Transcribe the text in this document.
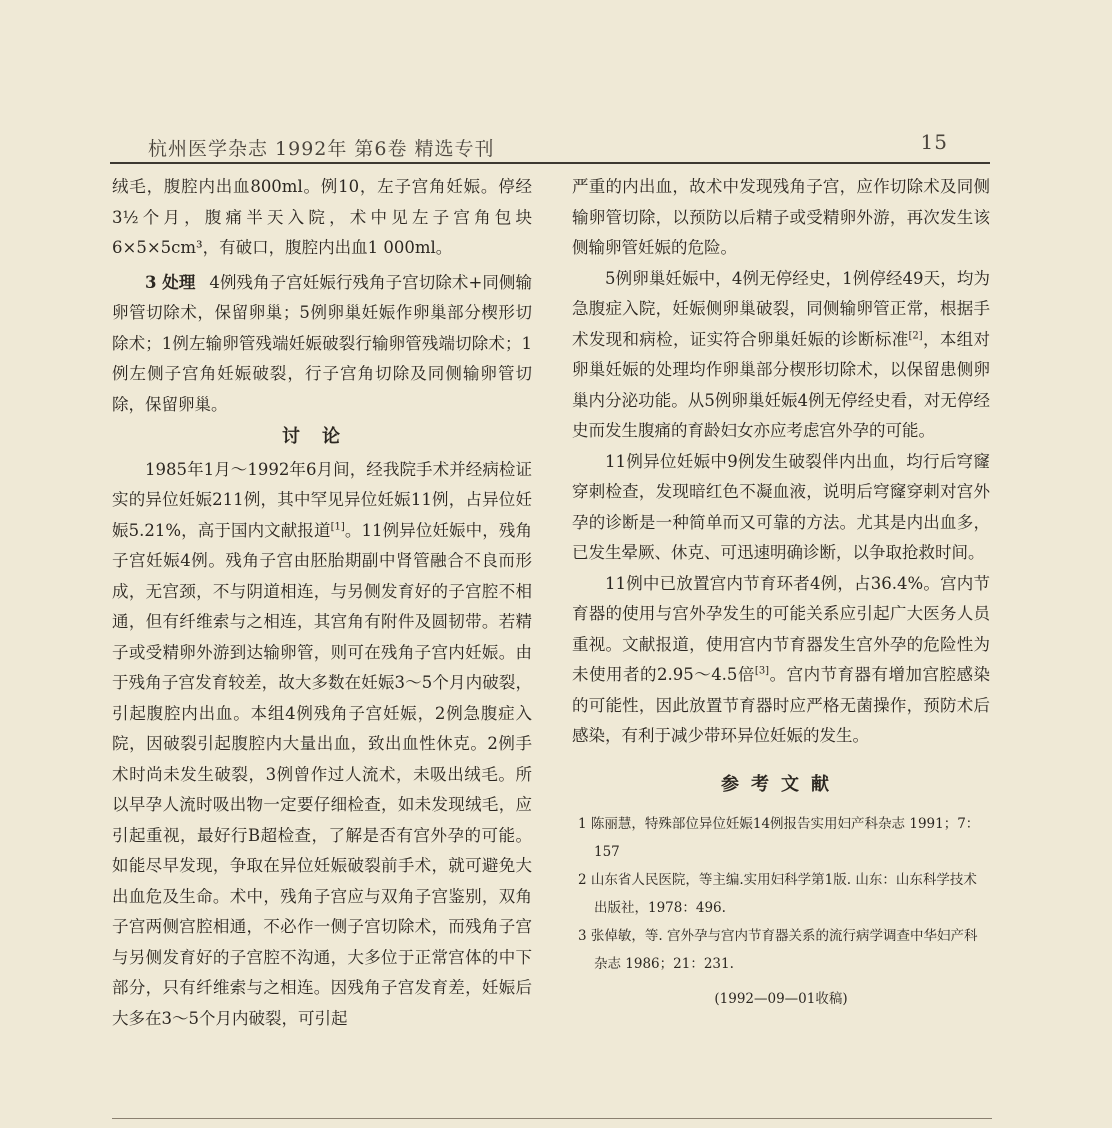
杭州医学杂志 1992年 第6卷 精选专刊	15

绒毛，腹腔内出血800ml。例10，左子宫角妊娠。停经3½个月，腹痛半天入院，术中见左子宫角包块6×5×5cm³，有破口，腹腔内出血1 000ml。

3 处理 4例残角子宫妊娠行残角子宫切除术+同侧输卵管切除术，保留卵巢；5例卵巢妊娠作卵巢部分楔形切除术；1例左输卵管残端妊娠破裂行输卵管残端切除术；1例左侧子宫角妊娠破裂，行子宫角切除及同侧输卵管切除，保留卵巢。

讨论

1985年1月～1992年6月间，经我院手术并经病检证实的异位妊娠211例，其中罕见异位妊娠11例，占异位妊娠5.21%，高于国内文献报道[1]。11例异位妊娠中，残角子宫妊娠4例。残角子宫由胚胎期副中肾管融合不良而形成，无宫颈，不与阴道相连，与另侧发育好的子宫腔不相通，但有纤维索与之相连，其宫角有附件及圆韧带。若精子或受精卵外游到达输卵管，则可在残角子宫内妊娠。由于残角子宫发育较差，故大多数在妊娠3～5个月内破裂，引起腹腔内出血。本组4例残角子宫妊娠，2例急腹症入院，因破裂引起腹腔内大量出血，致出血性休克。2例手术时尚未发生破裂，3例曾作过人流术，未吸出绒毛。所以早孕人流时吸出物一定要仔细检查，如未发现绒毛，应引起重视，最好行B超检查，了解是否有宫外孕的可能。如能尽早发现，争取在异位妊娠破裂前手术，就可避免大出血危及生命。术中，残角子宫应与双角子宫鉴别，双角子宫两侧宫腔相通，不必作一侧子宫切除术，而残角子宫与另侧发育好的子宫腔不沟通，大多位于正常宫体的中下部分，只有纤维索与之相连。因残角子宫发育差，妊娠后大多在3～5个月内破裂，可引起

严重的内出血，故术中发现残角子宫，应作切除术及同侧输卵管切除，以预防以后精子或受精卵外游，再次发生该侧输卵管妊娠的危险。

5例卵巢妊娠中，4例无停经史，1例停经49天，均为急腹症入院，妊娠侧卵巢破裂，同侧输卵管正常，根据手术发现和病检，证实符合卵巢妊娠的诊断标准[2]，本组对卵巢妊娠的处理均作卵巢部分楔形切除术，以保留患侧卵巢内分泌功能。从5例卵巢妊娠4例无停经史看，对无停经史而发生腹痛的育龄妇女亦应考虑宫外孕的可能。

11例异位妊娠中9例发生破裂伴内出血，均行后穹窿穿刺检查，发现暗红色不凝血液，说明后穹窿穿刺对宫外孕的诊断是一种简单而又可靠的方法。尤其是内出血多，已发生晕厥、休克、可迅速明确诊断，以争取抢救时间。

11例中已放置宫内节育环者4例，占36.4%。宫内节育器的使用与宫外孕发生的可能关系应引起广大医务人员重视。文献报道，使用宫内节育器发生宫外孕的危险性为未使用者的2.95～4.5倍[3]。宫内节育器有增加宫腔感染的可能性，因此放置节育器时应严格无菌操作，预防术后感染，有利于减少带环异位妊娠的发生。

参考文献
1 陈丽慧，特殊部位异位妊娠14例报告实用妇产科杂志 1991；7：157
2 山东省人民医院，等主编.实用妇科学第1版. 山东：山东科学技术出版社，1978：496.
3 张倬敏，等. 宫外孕与宫内节育器关系的流行病学调查中华妇产科杂志 1986；21：231.
(1992—09—01收稿)
